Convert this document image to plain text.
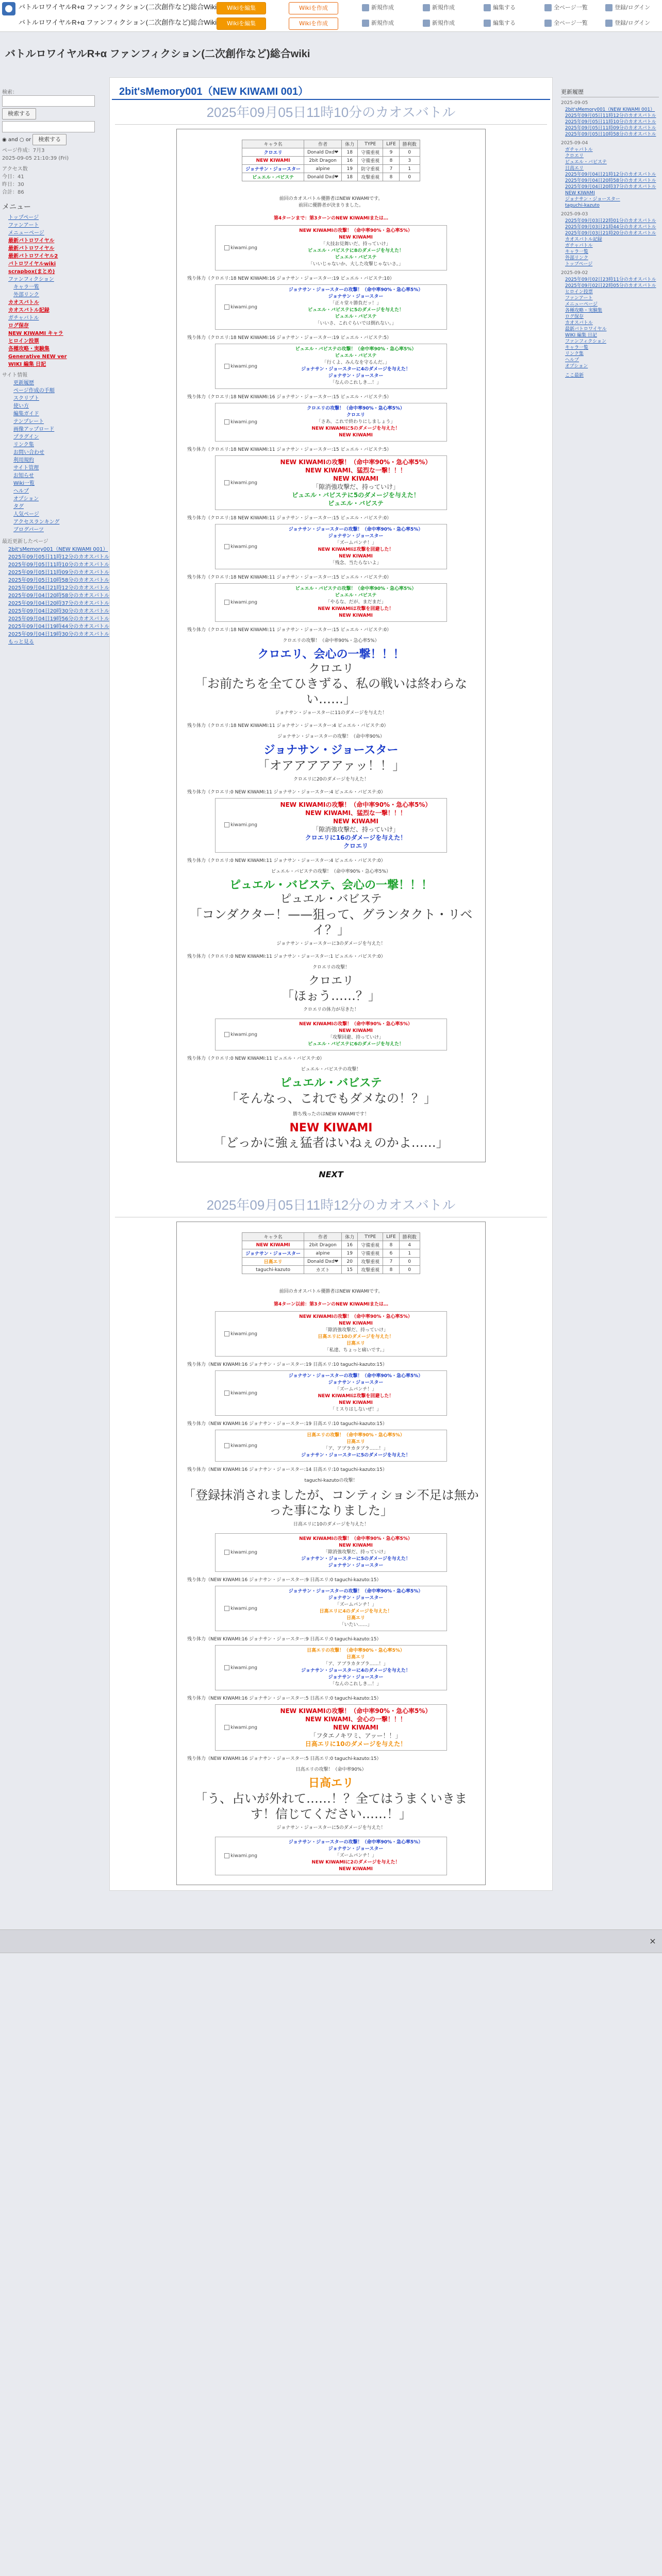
バトルロワイヤルR+α ファンフィクション(二次創作など)総合Wiki
バトルロワイヤルR+α ファンフィクション(二次創作など)総合Wiki
Wikiを編集	Wikiを作成
Wikiを編集	Wikiを作成
新規作成	新規作成	編集する	全ページ一覧	登録/ログイン
新規作成	新規作成	編集する	全ページ一覧	登録/ログイン
バトルロワイヤルR+α ファンフィクション(二次創作など)総合wiki
検索：
検索する
◉ and ○ or 検索する
ページ作成：7月3
2025-09-05 21:10:39 (Fri)
アクセス数
今日：41
昨日：30
合計：86
メニュー
トップページ
ファンアート
メニューページ
最新バトロワイヤル
最新バトロワイヤル
最新バトロワイヤル2
バトロワイヤルwiki
scrapbox(まとめ)
ファンフィクション
キャラ一覧
外部リンク
カオスバトル
カオスバトル記録
ガチャバトル
ログ保存
NEW KIWAMI キャラ
ヒロイン投票
各種攻略・実験集
Generative NEW ver
WIKI 編集 日記
サイト情報
更新履歴
ページ作成の手順
スクリプト
使い方
編集ガイド
テンプレート
画像アップロード
プラグイン
リンク集
お問い合わせ
利用規約
サイト管理
お知らせ
Wiki一覧
ヘルプ
オプション
タグ
人気ページ
アクセスランキング
ブログパーツ
最近更新したページ
2bit'sMemory001（NEW KIWAMI 001）
2025年09月05日11時12分のカオスバトル
2025年09月05日11時10分のカオスバトル
2025年09月05日11時09分のカオスバトル
2025年09月05日10時58分のカオスバトル
2025年09月04日21時12分のカオスバトル
2025年09月04日20時58分のカオスバトル
2025年09月04日20時37分のカオスバトル
2025年09月04日20時30分のカオスバトル
2025年09月04日19時56分のカオスバトル
2025年09月04日19時44分のカオスバトル
2025年09月04日19時30分のカオスバトル
もっと見る
2bit'sMemory001（NEW KIWAMI 001）
2025年09月05日11時10分のカオスバトル
キャラ名	作者	体力	TYPE	LIFE	勝利数
クロエリ	Donald Dxd❤	18	守備重視	9	0
NEW KIWAMI	2bit Dragon	16	守備重視	8	3
ジョナサン・ジョースター	alpine	19	防守重視	7	1
ピュエル・バビステ	Donald Dxd❤	18	攻撃重視	8	0
前回のカオスバトル優勝者はNEW KIWAMIです。
前回に優勝者が決まりました。
第4ターンまで：第3ターンのNEW KIWAMIまたは…
kiwami.png
NEW KIWAMIの攻撃！（命中率90%・急心率5%）
NEW KIWAMI
「大技お見舞いだ、持っていけ」
ピュエル・バビステに8のダメージを与えた！
ピュエル・バビステ
「いいじゃないか、大した攻撃じゃないさ。」
残り体力（クロエリ:18 NEW KIWAMI:16 ジョナサン・ジョースター:19 ピュエル・バビステ:10）
kiwami.png
ジョナサン・ジョースターの攻撃！（命中率90%・急心率5%）
ジョナサン・ジョースター
「正々堂々勝負だッ！」
ピュエル・バビステに5のダメージを与えた！
ピュエル・バビステ
「いいさ、これぐらいでは倒れない。」
残り体力（クロエリ:18 NEW KIWAMI:16 ジョナサン・ジョースター:19 ピュエル・バビステ:5）
kiwami.png
ピュエル・バビステの攻撃！（命中率90%・急心率5%）
ピュエル・バビステ
「行くよ、みんなを守るんだ。」
ジョナサン・ジョースターに4のダメージを与えた！
ジョナサン・ジョースター
「なんのこれしき…！」
残り体力（クロエリ:18 NEW KIWAMI:16 ジョナサン・ジョースター:15 ピュエル・バビステ:5）
kiwami.png
クロエリの攻撃！（命中率90%・急心率5%）
クロエリ
「さあ、これで終わりにしましょう」
NEW KIWAMIに5のダメージを与えた！
NEW KIWAMI
残り体力（クロエリ:18 NEW KIWAMI:11 ジョナサン・ジョースター:15 ピュエル・バビステ:5）
kiwami.png
NEW KIWAMIの攻撃！（命中率90%・急心率5%）
NEW KIWAMI、猛烈な一撃！！！
NEW KIWAMI
「隙消強攻撃だ、持っていけ」
ピュエル・バビステに5のダメージを与えた！
ピュエル・バビステ
残り体力（クロエリ:18 NEW KIWAMI:11 ジョナサン・ジョースター:15 ピュエル・バビステ:0）
kiwami.png
ジョナサン・ジョースターの攻撃！（命中率90%・急心率5%）
ジョナサン・ジョースター
「ズームパンチ！」
NEW KIWAMIは攻撃を回避した！
NEW KIWAMI
「残念、当たらないよ」
残り体力（クロエリ:18 NEW KIWAMI:11 ジョナサン・ジョースター:15 ピュエル・バビステ:0）
kiwami.png
ピュエル・バビステの攻撃！（命中率90%・急心率5%）
ピュエル・バビステ
「やるな、だが、まだまだ」
NEW KIWAMIは攻撃を回避した！
NEW KIWAMI
残り体力（クロエリ:18 NEW KIWAMI:11 ジョナサン・ジョースター:15 ピュエル・バビステ:0）
クロエリの攻撃！（命中率90%・急心率5%）
クロエリ、会心の一撃！！！
クロエリ
「お前たちを全てひきずる、私の戦いは終わらない……」
ジョナサン・ジョースターに11のダメージを与えた！
残り体力（クロエリ:18 NEW KIWAMI:11 ジョナサン・ジョースター:4 ピュエル・バビステ:0）
ジョナサン・ジョースターの攻撃！（命中率90%）
ジョナサン・ジョースター
「オアアアアアァッ！！」
クロエリに20のダメージを与えた！
残り体力（クロエリ:0 NEW KIWAMI:11 ジョナサン・ジョースター:4 ピュエル・バビステ:0）
kiwami.png
NEW KIWAMIの攻撃！（命中率90%・急心率5%）
NEW KIWAMI、猛烈な一撃！！！
NEW KIWAMI
「隙消強攻撃だ、持っていけ」
クロエリに16のダメージを与えた！
クロエリ
残り体力（クロエリ:0 NEW KIWAMI:11 ジョナサン・ジョースター:4 ピュエル・バビステ:0）
ピュエル・バビステの攻撃！（命中率90%・急心率5%）
ピュエル・バビステ、会心の一撃！！！
ピュエル・バビステ
「コンダクター！——狙って、グランタクト・リベイ？」
ジョナサン・ジョースターに3のダメージを与えた！
残り体力（クロエリ:0 NEW KIWAMI:11 ジョナサン・ジョースター:1 ピュエル・バビステ:0）
クロエリの攻撃！
クロエリ
「ほぉう……？」
クロエリの体力が尽きた！
kiwami.png
NEW KIWAMIの攻撃！（命中率90%・急心率5%）
NEW KIWAMI
「攻撃回避、持っていけ」
ピュエル・バビステに6のダメージを与えた！
残り体力（クロエリ:0 NEW KIWAMI:11 ピュエル・バビステ:0）
ピュエル・バビステの攻撃！
ピュエル・バビステ
「そんなっ、これでもダメなの！？」
勝ち残ったのはNEW KIWAMIです！
NEW KIWAMI
「どっかに強ぇ猛者はいねぇのかよ……」
NEXT
2025年09月05日11時12分のカオスバトル
キャラ名	作者	体力	TYPE	LIFE	勝利数
NEW KIWAMI	2bit Dragon	16	守備重視	8	4
ジョナサン・ジョースター	alpine	19	守備重視	6	1
日高エリ	Donald Dxd❤	20	攻撃重視	7	0
taguchi-kazuto	カズト	15	攻撃重視	8	0
前回のカオスバトル優勝者はNEW KIWAMIです。
第4ターン以前：第3ターンのNEW KIWAMIまたは…
kiwami.png
NEW KIWAMIの攻撃！（命中率90%・急心率5%）
NEW KIWAMI
「隙消強攻撃だ、持っていけ」
日高エリに10のダメージを与えた！
日高エリ
「私達、ちょっと痛いです。」
残り体力（NEW KIWAMI:16 ジョナサン・ジョースター:19 日高エリ:10 taguchi-kazuto:15）
kiwami.png
ジョナサン・ジョースターの攻撃！（命中率90%・急心率5%）
ジョナサン・ジョースター
「ズームパンチ！」
NEW KIWAMIは攻撃を回避した！
NEW KIWAMI
「ミスりはしないぜ！」
残り体力（NEW KIWAMI:16 ジョナサン・ジョースター:19 日高エリ:10 taguchi-kazuto:15）
kiwami.png
日高エリの攻撃！（命中率90%・急心率5%）
日高エリ
「ア、アブラカタブラ……！」
ジョナサン・ジョースターに5のダメージを与えた！
残り体力（NEW KIWAMI:16 ジョナサン・ジョースター:14 日高エリ:10 taguchi-kazuto:15）
taguchi-kazutoの攻撃！
「登録抹消されましたが、コンティショシ不足は無かった事になりました」
日高エリに10のダメージを与えた！
kiwami.png
NEW KIWAMIの攻撃！（命中率90%・急心率5%）
NEW KIWAMI
「隙消強攻撃だ、持っていけ」
ジョナサン・ジョースターに5のダメージを与えた！
ジョナサン・ジョースター
残り体力（NEW KIWAMI:16 ジョナサン・ジョースター:9 日高エリ:0 taguchi-kazuto:15）
kiwami.png
ジョナサン・ジョースターの攻撃！（命中率90%・急心率5%）
ジョナサン・ジョースター
「ズームパンチ！」
日高エリに4のダメージを与えた！
日高エリ
「いたい……」
残り体力（NEW KIWAMI:16 ジョナサン・ジョースター:9 日高エリ:0 taguchi-kazuto:15）
kiwami.png
日高エリの攻撃！（命中率90%・急心率5%）
日高エリ
「ア、アブラカタブラ……！」
ジョナサン・ジョースターに4のダメージを与えた！
ジョナサン・ジョースター
「なんのこれしき…！」
残り体力（NEW KIWAMI:16 ジョナサン・ジョースター:5 日高エリ:0 taguchi-kazuto:15）
kiwami.png
NEW KIWAMIの攻撃！（命中率90%・急心率5%）
NEW KIWAMI、会心の一撃！！！
NEW KIWAMI
「フタエノキワミ、アッー！！」
日高エリに10のダメージを与えた！
残り体力（NEW KIWAMI:16 ジョナサン・ジョースター:5 日高エリ:0 taguchi-kazuto:15）
日高エリの攻撃！（命中率90%）
日高エリ
「う、占いが外れて……！？全てはうまくいきます！信じてください……！」
ジョナサン・ジョースターに5のダメージを与えた！
kiwami.png
ジョナサン・ジョースターの攻撃！（命中率90%・急心率5%）
ジョナサン・ジョースター
「ズームパンチ！」
NEW KIWAMIに2のダメージを与えた！
NEW KIWAMI
更新履歴
2025-09-05
2bit'sMemory001（NEW KIWAMI 001）
2025年09月05日11時12分のカオスバトル
2025年09月05日11時10分のカオスバトル
2025年09月05日11時09分のカオスバトル
2025年09月05日10時58分のカオスバトル
2025-09-04
ガチャバトル
クロエリ
ピュエル・バビステ
日高エリ
2025年09月04日21時12分のカオスバトル
2025年09月04日20時58分のカオスバトル
2025年09月04日20時37分のカオスバトル
NEW KIWAMI
ジョナサン・ジョースター
taguchi-kazuto
2025-09-03
2025年09月03日22時01分のカオスバトル
2025年09月03日21時44分のカオスバトル
2025年09月03日21時20分のカオスバトル
カオスバトル記録
ガチャバトル
キャラ一覧
外部リンク
トップページ
2025-09-02
2025年09月02日23時11分のカオスバトル
2025年09月02日22時05分のカオスバトル
ヒロイン投票
ファンアート
メニューページ
各種攻略・実験集
ログ保存
カオスバトル
最新バトロワイヤル
WIKI 編集 日記
ファンフィクション
キャラ一覧
リンク集
ヘルプ
オプション
ここ最新
×
